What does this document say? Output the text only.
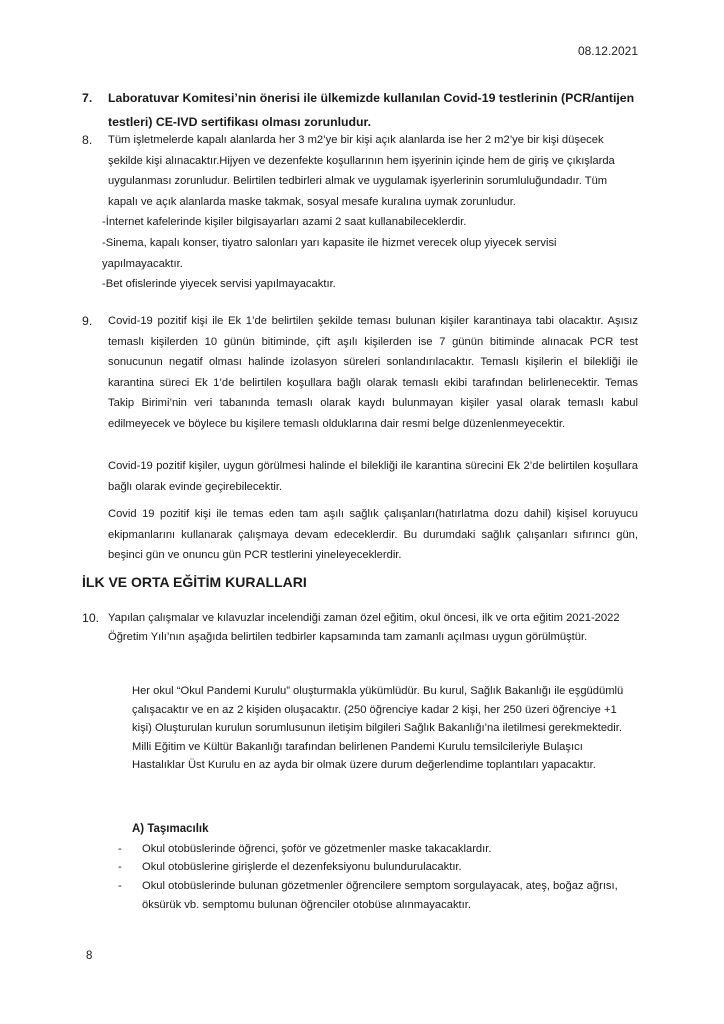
08.12.2021
7.	Laboratuvar Komitesi’nin önerisi ile ülkemizde kullanılan Covid-19 testlerinin (PCR/antijen testleri) CE-IVD sertifikası olması zorunludur.
8.	Tüm işletmelerde kapalı alanlarda her 3 m2’ye bir kişi açık alanlarda ise her 2 m2’ye bir kişi düşecek şekilde kişi alınacaktır.Hijyen ve dezenfekte koşullarının hem işyerinin içinde hem de giriş ve çıkışlarda uygulanması zorunludur. Belirtilen tedbirleri almak ve uygulamak işyerlerinin sorumluluğundadır. Tüm kapalı ve açık alanlarda maske takmak, sosyal mesafe kuralına uymak zorunludur.
-İnternet kafelerinde kişiler bilgisayarları azami 2 saat kullanabileceklerdir.
-Sinema, kapalı konser, tiyatro salonları yarı kapasite ile hizmet verecek olup yiyecek servisi yapılmayacaktır.
-Bet ofislerinde yiyecek servisi yapılmayacaktır.
9.	Covid-19 pozitif kişi ile Ek 1’de belirtilen şekilde teması bulunan kişiler karantinaya tabi olacaktır. Aşısız temaslı kişilerden 10 günün bitiminde, çift aşılı kişilerden ise 7 günün bitiminde alınacak PCR test sonucunun negatif olması halinde izolasyon süreleri sonlandırılacaktır. Temaslı kişilerin el bilekliği ile karantina süreci Ek 1’de belirtilen koşullara bağlı olarak temaslı ekibi tarafından belirlenecektir. Temas Takip Birimi’nin veri tabanında temaslı olarak kaydı bulunmayan kişiler yasal olarak temaslı kabul edilmeyecek ve böylece bu kişilere temaslı olduklarına dair resmi belge düzenlenmeyecektir.
Covid-19 pozitif kişiler, uygun görülmesi halinde el bilekliği ile karantina sürecini Ek 2’de belirtilen koşullara bağlı olarak evinde geçirebilecektir.
Covid 19 pozitif kişi ile temas eden tam aşılı sağlık çalışanları(hatırlatma dozu dahil) kişisel koruyucu ekipmanlarını kullanarak çalışmaya devam edeceklerdir. Bu durumdaki sağlık çalışanları sıfırıncı gün, beşinci gün ve onuncu gün PCR testlerini yineleyeceklerdir.
İLK VE ORTA EĞİTİM KURALLARI
10. Yapılan çalışmalar ve kılavuzlar incelendiği zaman özel eğitim, okul öncesi, ilk ve orta eğitim 2021-2022 Öğretim Yılı’nın aşağıda belirtilen tedbirler kapsamında tam zamanlı açılması uygun görülmüştür.
Her okul “Okul Pandemi Kurulu” oluşturmakla yükümlüdür. Bu kurul, Sağlık Bakanlığı ile eşgüdümlü çalışacaktır ve en az 2 kişiden oluşacaktır. (250 öğrenciye kadar 2 kişi, her 250 üzeri öğrenciye +1 kişi) Oluşturulan kurulun sorumlusunun iletişim bilgileri Sağlık Bakanlığı’na iletilmesi gerekmektedir.
Milli Eğitim ve Kültür Bakanlığı tarafından belirlenen Pandemi Kurulu temsilcileriyle Bulaşıcı Hastalıklar Üst Kurulu en az ayda bir olmak üzere durum değerlendime toplantıları yapacaktır.
A) Taşımacılık
- Okul otobüslerinde öğrenci, şoför ve gözetmenler maske takacaklardır.
- Okul otobüslerine girişlerde el dezenfeksiyonu bulundurulacaktır.
- Okul otobüslerinde bulunan gözetmenler öğrencilere semptom sorgulayacak, ateş, boğaz ağrısı, öksürük vb. semptomu bulunan öğrenciler otobüse alınmayacaktır.
8
